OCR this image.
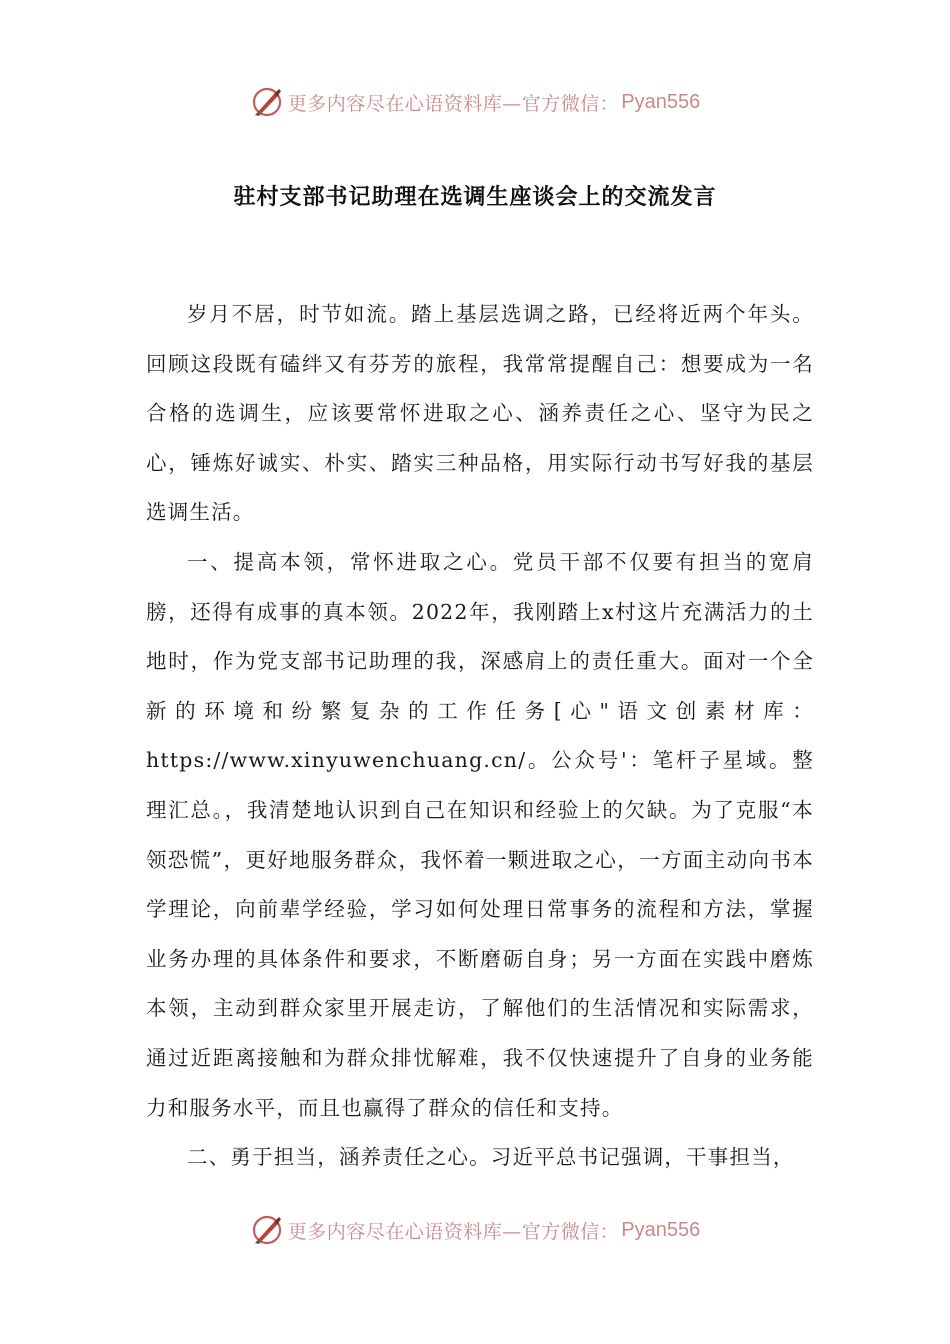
更多内容尽在心语资料库—官方微信： Pyan556
驻村支部书记助理在选调生座谈会上的交流发言

岁月不居，时节如流。踏上基层选调之路，已经将近两个年头。回顾这段既有磕绊又有芬芳的旅程，我常常提醒自己：想要成为一名合格的选调生，应该要常怀进取之心、涵养责任之心、坚守为民之心，锤炼好诚实、朴实、踏实三种品格，用实际行动书写好我的基层选调生活。

一、提高本领，常怀进取之心。党员干部不仅要有担当的宽肩膀，还得有成事的真本领。2022年，我刚踏上x村这片充满活力的土地时，作为党支部书记助理的我，深感肩上的责任重大。面对一个全新的环境和纷繁复杂的工作任务[心"语文创素材库：https://www.xinyuwenchuang.cn/。公众号'：笔杆子星域。整理汇总。，我清楚地认识到自己在知识和经验上的欠缺。为了克服“本领恐慌”，更好地服务群众，我怀着一颗进取之心，一方面主动向书本学理论，向前辈学经验，学习如何处理日常事务的流程和方法，掌握业务办理的具体条件和要求，不断磨砺自身；另一方面在实践中磨炼本领，主动到群众家里开展走访，了解他们的生活情况和实际需求，通过近距离接触和为群众排忧解难，我不仅快速提升了自身的业务能力和服务水平，而且也赢得了群众的信任和支持。

二、勇于担当，涵养责任之心。习近平总书记强调，干事担当，

更多内容尽在心语资料库—官方微信： Pyan556
